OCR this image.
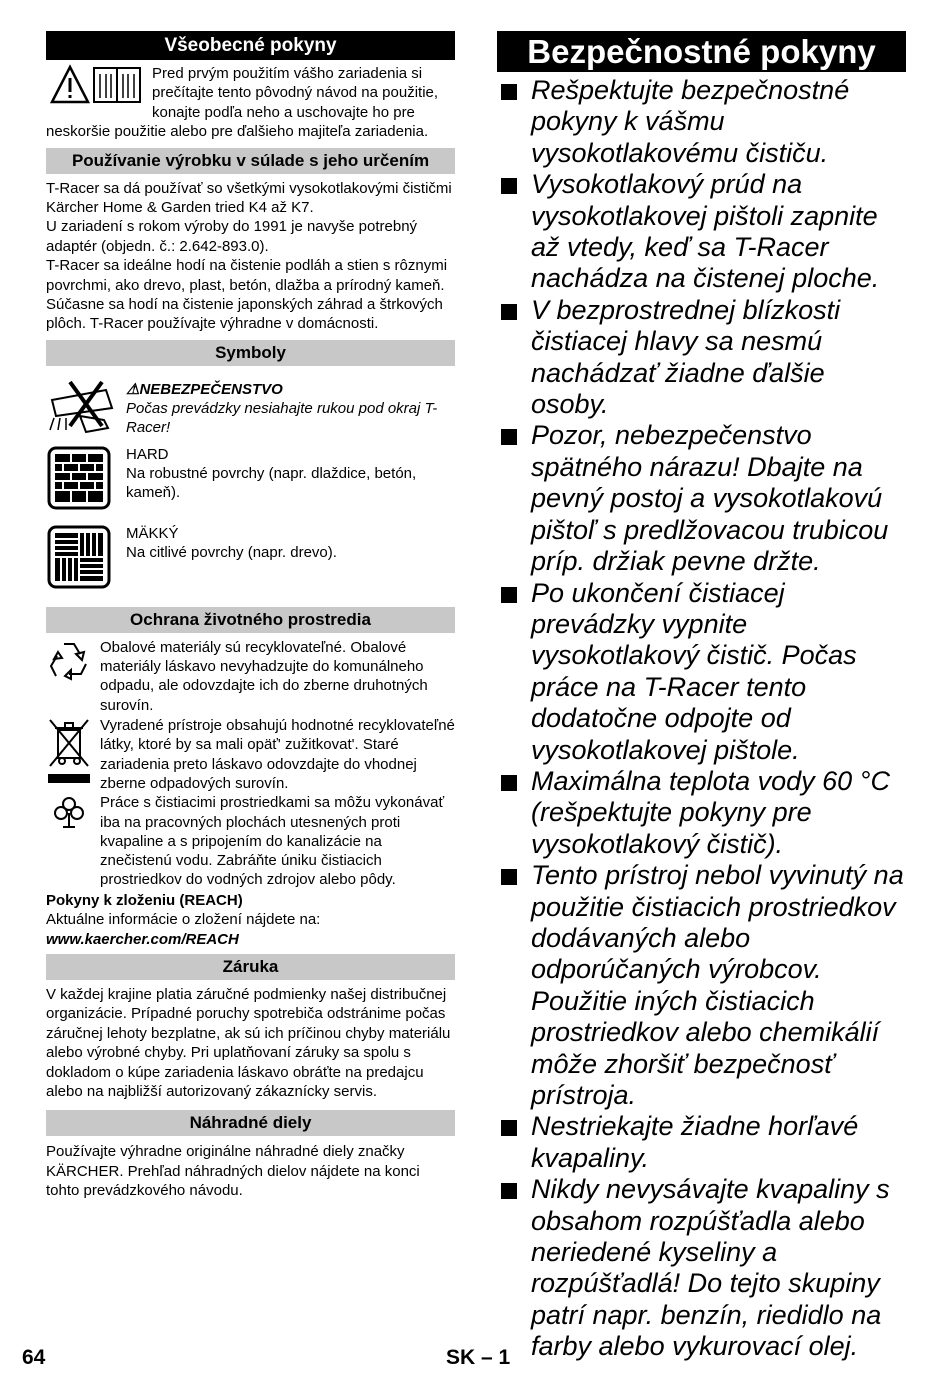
Všeobecné pokyny

Pred prvým použitím vášho zariadenia si prečítajte tento pôvodný návod na použitie, konajte podľa neho a uschovajte ho pre neskoršie použitie alebo pre ďalšieho majiteľa zariadenia.

Používanie výrobku v súlade s jeho určením

T-Racer sa dá používať so všetkými vysokotlakovými čističmi Kärcher Home & Garden tried K4 až K7.

U zariadení s rokom výroby do 1991 je navyše potrebný adaptér (objedn. č.: 2.642-893.0).

T-Racer sa ideálne hodí na čistenie podláh a stien s rôznymi povrchmi, ako drevo, plast, betón, dlažba a prírodný kameň. Súčasne sa hodí na čistenie japonských záhrad a štrkových plôch. T-Racer používajte výhradne v domácnosti.

Symboly
⚠NEBEZPEČENSTVO
Počas prevádzky nesiahajte rukou pod okraj T-Racer!
HARD
Na robustné povrchy (napr. dlaždice, betón, kameň).
MÄKKÝ
Na citlivé povrchy (napr. drevo).
Ochrana životného prostredia
Obalové materiály sú recyklovateľné. Obalové materiály láskavo nevyhadzujte do komunálneho odpadu, ale odovzdajte ich do zberne druhotných surovín.
Vyradené prístroje obsahujú hodnotné recyklovateľné látky, ktoré by sa mali opäť' zužitkovat'. Staré zariadenia preto láskavo odovzdajte do vhodnej zberne odpadových surovín.
Práce s čistiacimi prostriedkami sa môžu vykonávať iba na pracovných plochách utesnených proti kvapaline a s pripojením do kanalizácie na znečistenú vodu. Zabráňte úniku čistiacich prostriedkov do vodných zdrojov alebo pôdy.

Pokyny k zloženiu (REACH)

Aktuálne informácie o zložení nájdete na:

www.kaercher.com/REACH

Záruka

V každej krajine platia záručné podmienky našej distribučnej organizácie. Prípadné poruchy spotrebiča odstránime počas záručnej lehoty bezplatne, ak sú ich príčinou chyby materiálu alebo výrobné chyby. Pri uplatňovaní záruky sa spolu s dokladom o kúpe zariadenia láskavo obráťte na predajcu alebo na najbližší autorizovaný zákaznícky servis.

Náhradné diely

Používajte výhradne originálne náhradné diely značky KÄRCHER. Prehľad náhradných dielov nájdete na konci tohto prevádzkového návodu.

Bezpečnostné pokyny
Rešpektujte bezpečnostné pokyny k vášmu vysokotlakovému čističu.
Vysokotlakový prúd na vysokotlakovej pištoli zapnite až vtedy, keď sa T-Racer nachádza na čistenej ploche.
V bezprostrednej blízkosti čistiacej hlavy sa nesmú nachádzať žiadne ďalšie osoby.
Pozor, nebezpečenstvo spätného nárazu! Dbajte na pevný postoj a vysokotlakovú pištoľ s predlžovacou trubicou príp. držiak pevne držte.
Po ukončení čistiacej prevádzky vypnite vysokotlakový čistič. Počas práce na T-Racer tento dodatočne odpojte od vysokotlakovej pištole.
Maximálna teplota vody 60 °C (rešpektujte pokyny pre vysokotlakový čistič).
Tento prístroj nebol vyvinutý na použitie čistiacich prostriedkov dodávaných alebo odporúčaných výrobcov. Použitie iných čistiacich prostriedkov alebo chemikálií môže zhoršiť bezpečnosť prístroja.
Nestriekajte žiadne horľavé kvapaliny.
Nikdy nevysávajte kvapaliny s obsahom rozpúšťadla alebo neriedené kyseliny a rozpúšťadlá! Do tejto skupiny patrí napr. benzín, riedidlo na farby alebo vykurovací olej.
64	SK – 1
